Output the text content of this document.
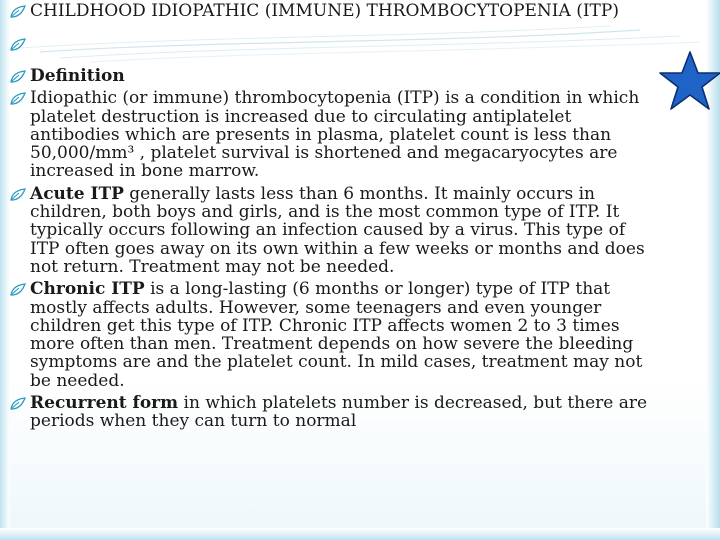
CHILDHOOD IDIOPATHIC (IMMUNE) THROMBOCYTOPENIA (ITP)

Definition

Idiopathic (or immune) thrombocytopenia (ITP) is a condition in which platelet destruction is increased due to circulating antiplatelet antibodies which are presents in plasma, platelet count is less than 50,000/mm³ , platelet survival is shortened and megacaryocytes are increased in bone marrow.

Acute ITP generally lasts less than 6 months. It mainly occurs in children, both boys and girls, and is the most common type of ITP. It typically occurs following an infection caused by a virus. This type of ITP often goes away on its own within a few weeks or months and does not return. Treatment may not be needed.

Chronic ITP is a long-lasting (6 months or longer) type of ITP that mostly affects adults. However, some teenagers and even younger children get this type of ITP. Chronic ITP affects women 2 to 3 times more often than men. Treatment depends on how severe the bleeding symptoms are and the platelet count. In mild cases, treatment may not be needed.

Recurrent form in which platelets number is decreased, but there are periods when they can turn to normal
